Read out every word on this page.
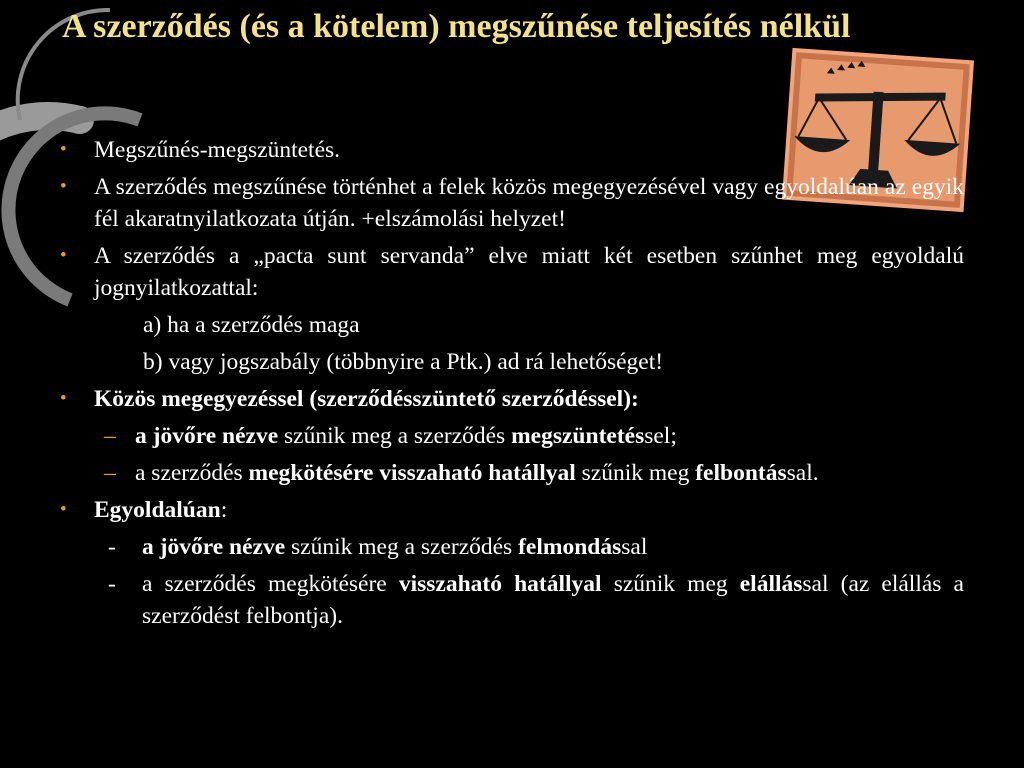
A szerződés (és a kötelem) megszűnése teljesítés nélkül
• Megszűnés-megszüntetés.
• A szerződés megszűnése történhet a felek közös megegyezésével vagy egyoldalúan az egyik fél akaratnyilatkozata útján. +elszámolási helyzet!
• A szerződés a „pacta sunt servanda” elve miatt két esetben szűnhet meg egyoldalú jognyilatkozattal:
a) ha a szerződés maga
b) vagy jogszabály (többnyire a Ptk.) ad rá lehetőséget!
• Közös megegyezéssel (szerződésszüntető szerződéssel):
– a jövőre nézve szűnik meg a szerződés megszüntetéssel;
– a szerződés megkötésére visszaható hatállyal szűnik meg felbontással.
• Egyoldalúan:
- a jövőre nézve szűnik meg a szerződés felmondással
- a szerződés megkötésére visszaható hatállyal szűnik meg elállással (az elállás a szerződést felbontja).
